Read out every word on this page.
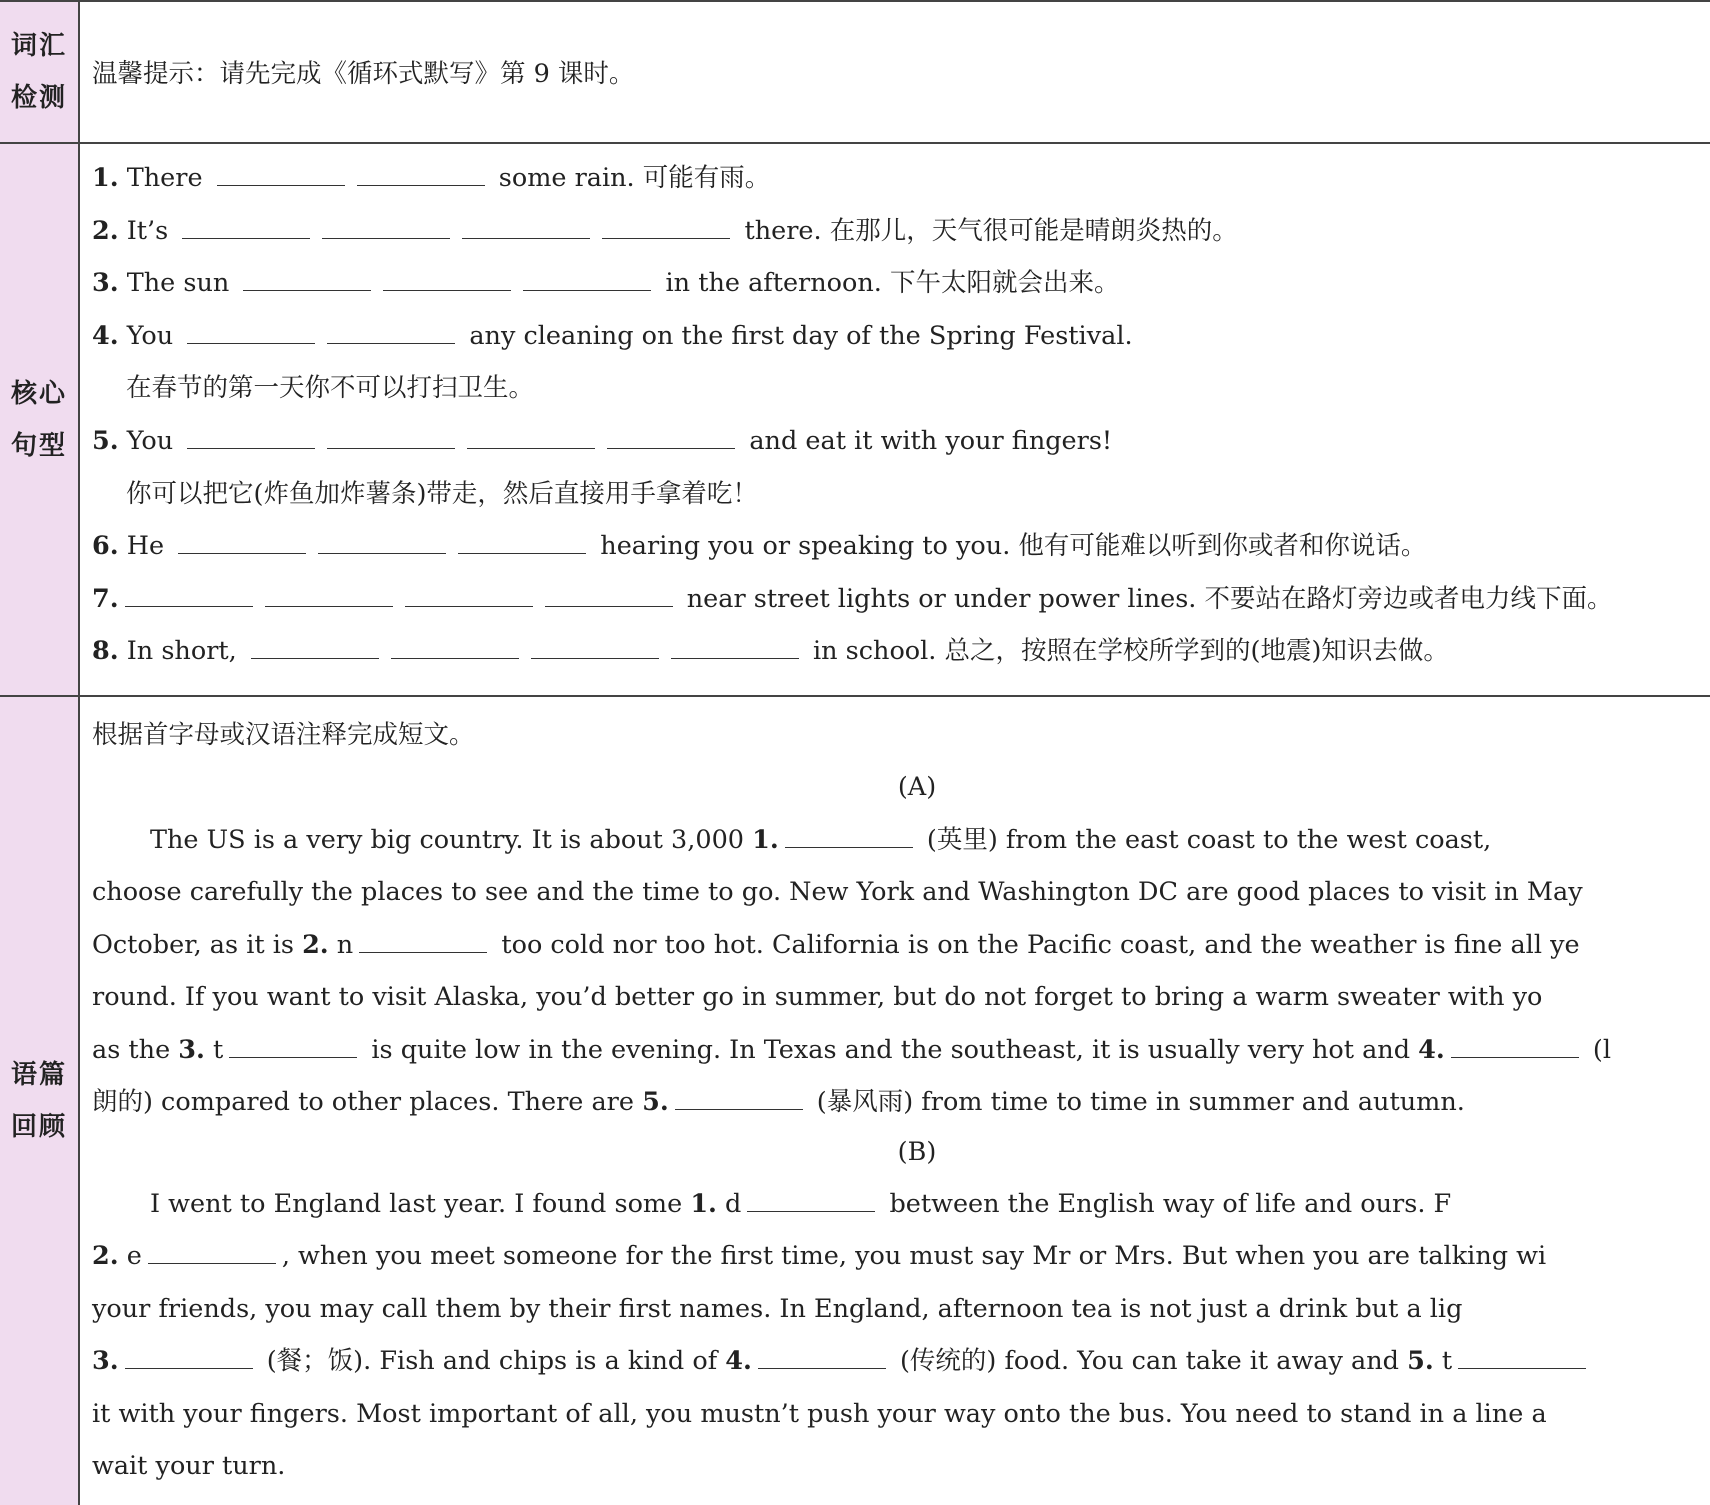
词汇检测
温馨提示：请先完成《循环式默写》第 9 课时。
核心句型
1. There	some rain. 可能有雨。
2. It’s	there. 在那儿，天气很可能是晴朗炎热的。
3. The sun	in the afternoon. 下午太阳就会出来。
4. You	any cleaning on the first day of the Spring Festival.
在春节的第一天你不可以打扫卫生。
5. You	and eat it with your fingers!
你可以把它(炸鱼加炸薯条)带走，然后直接用手拿着吃！
6. He	hearing you or speaking to you. 他有可能难以听到你或者和你说话。
7.	near street lights or under power lines. 不要站在路灯旁边或者电力线下面。
8. In short,	in school. 总之，按照在学校所学到的(地震)知识去做。
语篇回顾
根据首字母或汉语注释完成短文。
(A)
The US is a very big country. It is about 3,000 1.	(英里) from the east coast to the west coast,
choose carefully the places to see and the time to go. New York and Washington DC are good places to visit in May
October, as it is 2. n	too cold nor too hot. California is on the Pacific coast, and the weather is fine all ye
round. If you want to visit Alaska, you’d better go in summer, but do not forget to bring a warm sweater with yo
as the 3. t	is quite low in the evening. In Texas and the southeast, it is usually very hot and 4.	(l
朗的) compared to other places. There are 5.	(暴风雨) from time to time in summer and autumn.
(B)
I went to England last year. I found some 1. d	between the English way of life and ours. F
2. e	, when you meet someone for the first time, you must say Mr or Mrs. But when you are talking wi
your friends, you may call them by their first names. In England, afternoon tea is not just a drink but a lig
3.	(餐；饭). Fish and chips is a kind of 4.	(传统的) food. You can take it away and 5. t
it with your fingers. Most important of all, you mustn’t push your way onto the bus. You need to stand in a line a
wait your turn.
